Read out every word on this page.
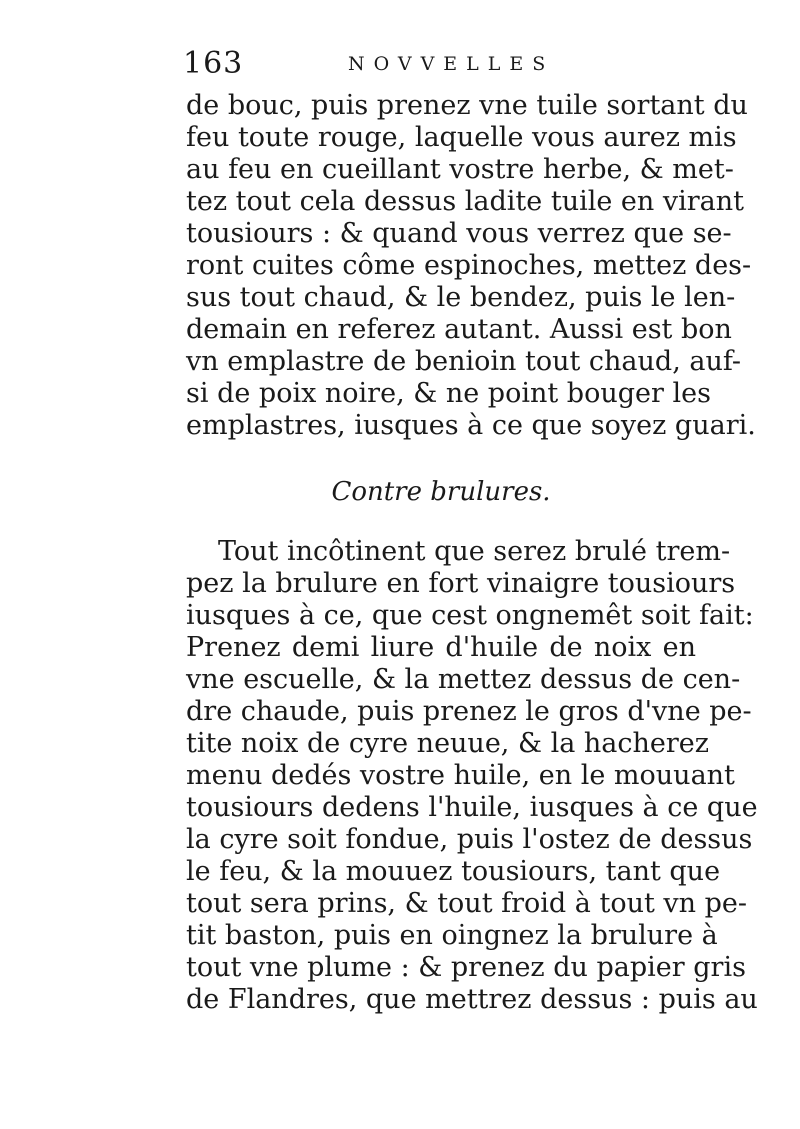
163	NOVVELLES
de bouc, puis prenez vne tuile sortant du
feu toute rouge, laquelle vous aurez mis
au feu en cueillant vostre herbe, & met-
tez tout cela dessus ladite tuile en virant
tousiours : & quand vous verrez que se-
ront cuites côme espinoches, mettez des-
sus tout chaud, & le bendez, puis le len-
demain en referez autant. Aussi est bon
vn emplastre de benioin tout chaud, auf-
si de poix noire, & ne point bouger les
emplastres, iusques à ce que soyez guari.
Contre brulures.
Tout incôtinent que serez brulé trem-
pez la brulure en fort vinaigre tousiours
iusques à ce, que cest ongnemêt soit fait:
Prenez demi liure d'huile de noix en
vne escuelle, & la mettez dessus de cen-
dre chaude, puis prenez le gros d'vne pe-
tite noix de cyre neuue, & la hacherez
menu dedés vostre huile, en le mouuant
tousiours dedens l'huile, iusques à ce que
la cyre soit fondue, puis l'ostez de dessus
le feu, & la mouuez tousiours, tant que
tout sera prins, & tout froid à tout vn pe-
tit baston, puis en oingnez la brulure à
tout vne plume : & prenez du papier gris
de Flandres, que mettrez dessus : puis au
